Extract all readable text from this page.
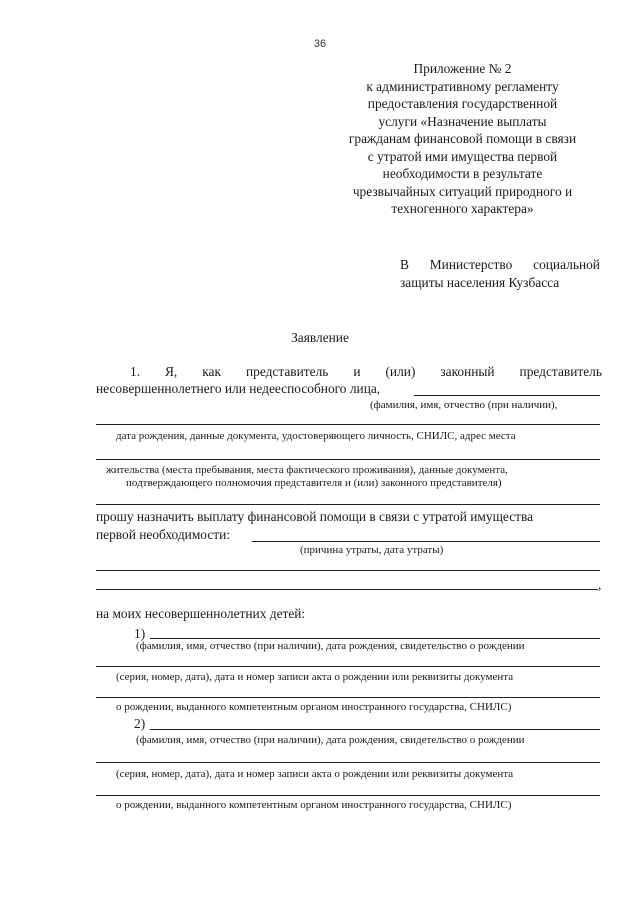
36
Приложение № 2
к административному регламенту
предоставления государственной
услуги «Назначение выплаты
гражданам финансовой помощи в связи
с утратой ими имущества первой
необходимости в результате
чрезвычайных ситуаций природного и
техногенного характера»
В Министерство социальной
защиты населения Кузбасса
Заявление
1. Я, как представитель и (или) законный представитель
несовершеннолетнего или недееспособного лица,
(фамилия, имя, отчество (при наличии),
дата рождения, данные документа, удостоверяющего личность, СНИЛС, адрес места
жительства (места пребывания, места фактического проживания), данные документа,
подтверждающего полномочия представителя и (или) законного представителя)
прошу назначить выплату финансовой помощи в связи с утратой имущества
первой необходимости:
(причина утраты, дата утраты)
,
на моих несовершеннолетних детей:
1)
(фамилия, имя, отчество (при наличии), дата рождения, свидетельство о рождении
(серия, номер, дата), дата и номер записи акта о рождении или реквизиты документа
о рождении, выданного компетентным органом иностранного государства, СНИЛС)
2)
(фамилия, имя, отчество (при наличии), дата рождения, свидетельство о рождении
(серия, номер, дата), дата и номер записи акта о рождении или реквизиты документа
о рождении, выданного компетентным органом иностранного государства, СНИЛС)
